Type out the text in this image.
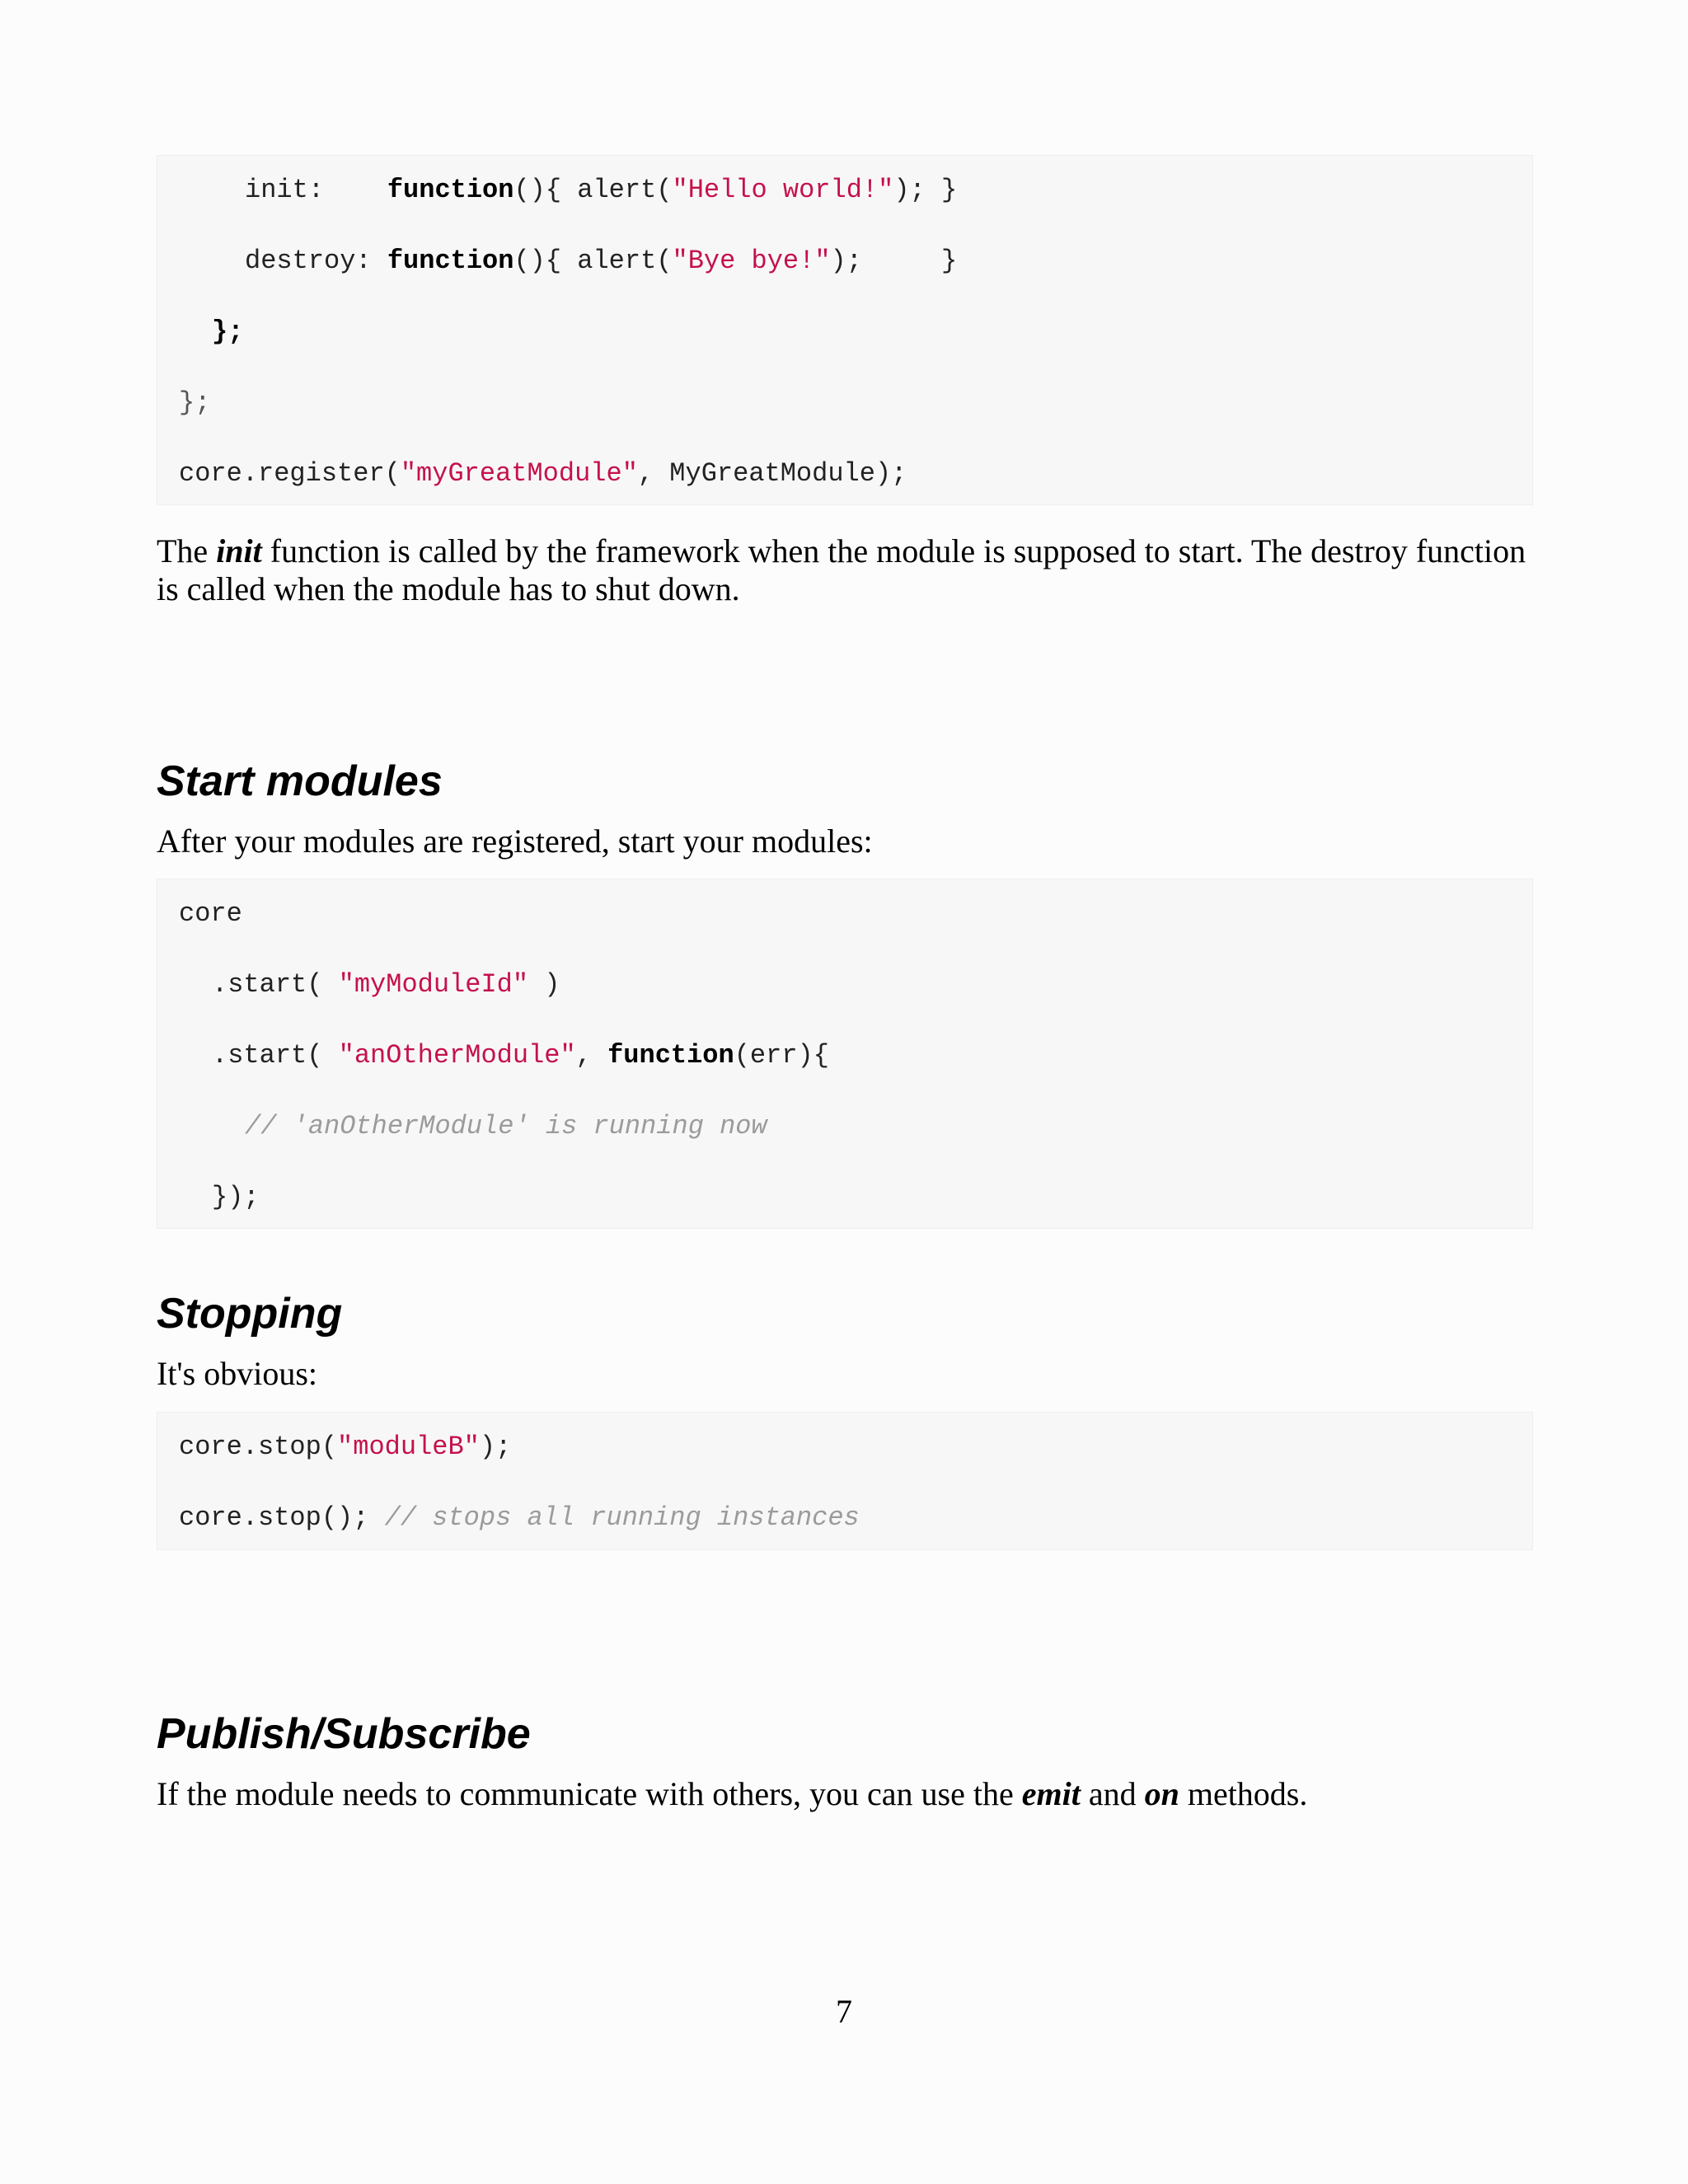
init:    function(){ alert("Hello world!"); }
destroy: function(){ alert("Bye bye!");     }
};
};
core.register("myGreatModule", MyGreatModule);
The init function is called by the framework when the module is supposed to start. The destroy function is called when the module has to shut down.
Start modules
After your modules are registered, start your modules:
core
.start( "myModuleId" )
.start( "anOtherModule", function(err){
// 'anOtherModule' is running now
});
Stopping
It's obvious:
core.stop("moduleB");
core.stop(); // stops all running instances
Publish/Subscribe
If the module needs to communicate with others, you can use the emit and on methods.
7
